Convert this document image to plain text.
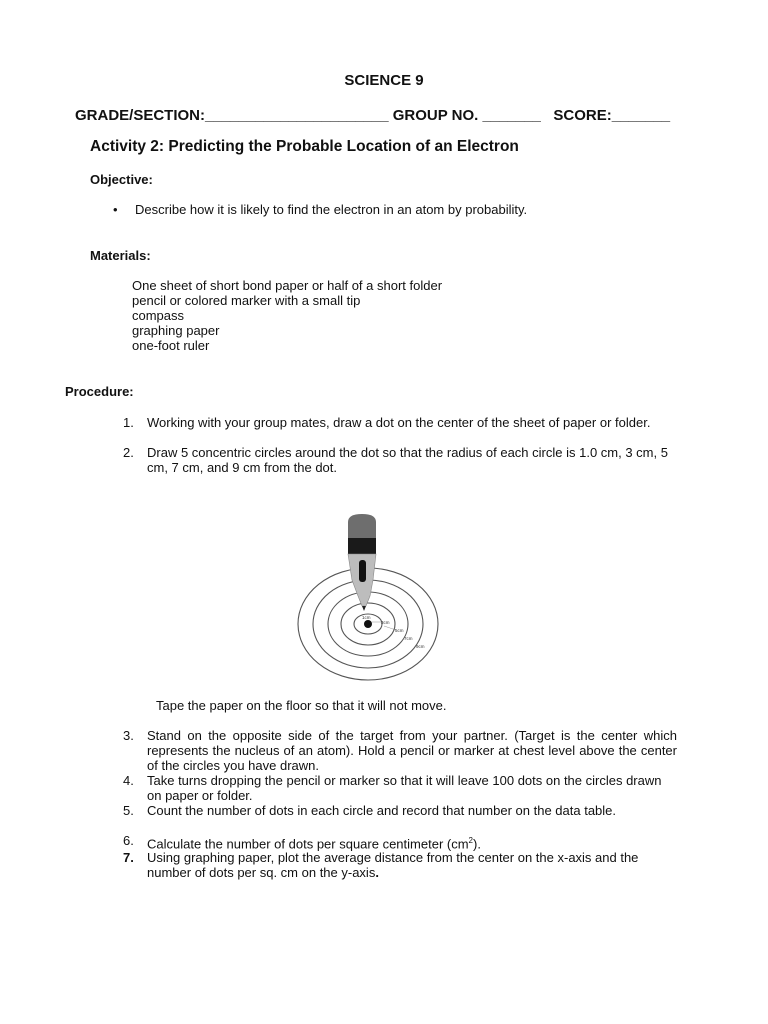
SCIENCE 9
GRADE/SECTION:______________________ GROUP NO. _______ SCORE:_______
Activity 2: Predicting the Probable Location of an Electron
Objective:
• Describe how it is likely to find the electron in an atom by probability.
Materials:
One sheet of short bond paper or half of a short folder
pencil or colored marker with a small tip
compass
graphing paper
one-foot ruler
Procedure:
1.	Working with your group mates, draw a dot on the center of the sheet of paper or folder.
2.	Draw 5 concentric circles around the dot so that the radius of each circle is 1.0 cm, 3 cm, 5 cm, 7 cm, and 9 cm from the dot.
1cm
3cm
5cm
7cm
9cm
Tape the paper on the floor so that it will not move.
3.	Stand on the opposite side of the target from your partner. (Target is the center which represents the nucleus of an atom). Hold a pencil or marker at chest level above the center of the circles you have drawn.
4.	Take turns dropping the pencil or marker so that it will leave 100 dots on the circles drawn on paper or folder.
5.	Count the number of dots in each circle and record that number on the data table.
6.	Calculate the number of dots per square centimeter $(cm^2)$.
7.	Using graphing paper, plot the average distance from the center on the x-axis and the number of dots per sq. cm on the y-axis.
